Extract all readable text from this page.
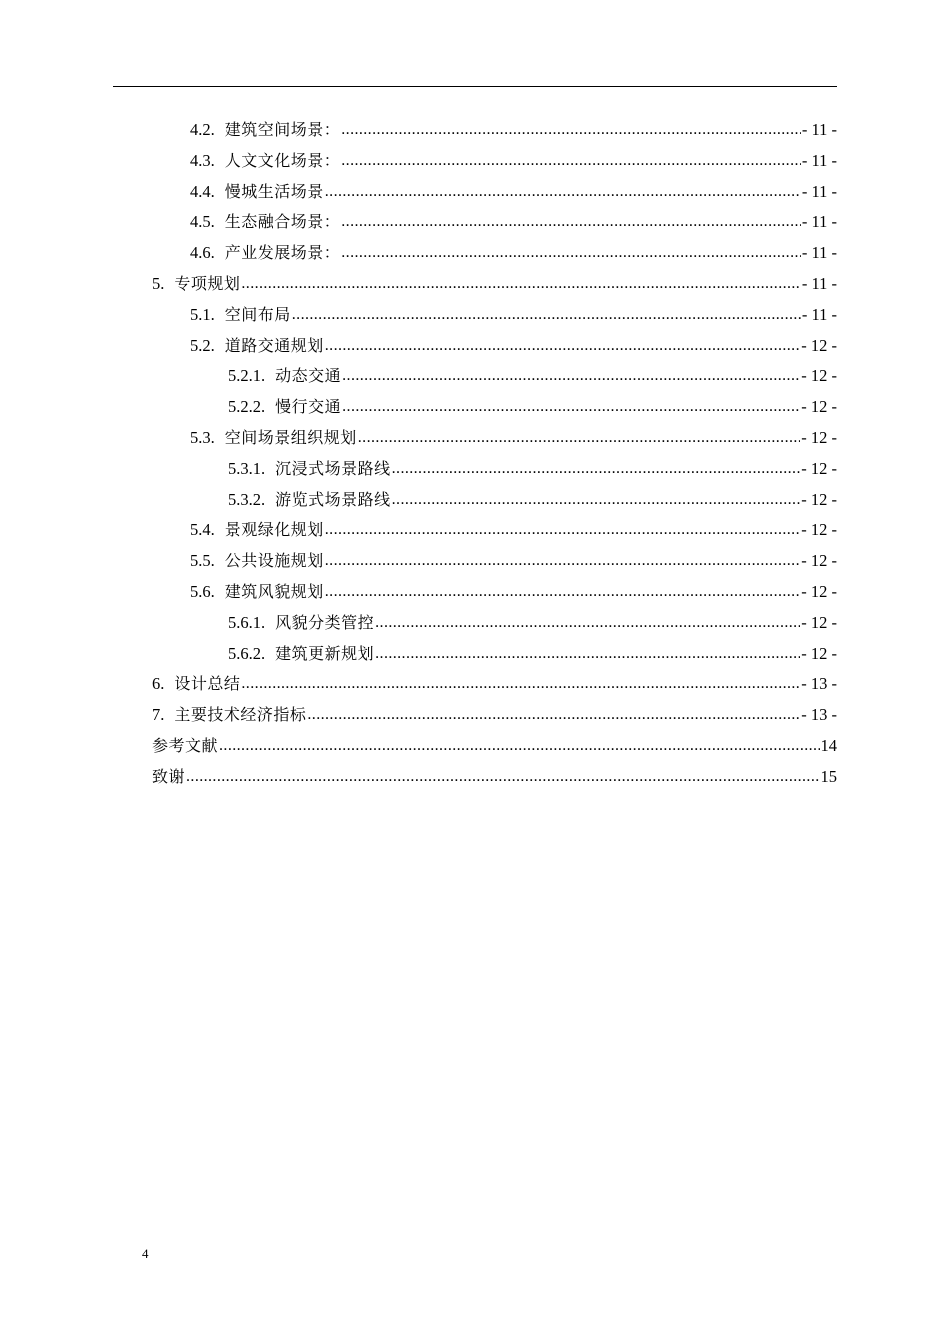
4.2. 建筑空间场景： .....	- 11 -
4.3. 人文文化场景： .....	- 11 -
4.4. 慢城生活场景 .....	- 11 -
4.5. 生态融合场景： .....	- 11 -
4.6. 产业发展场景： .....	- 11 -
5. 专项规划 .....	- 11 -
5.1. 空间布局 .....	- 11 -
5.2. 道路交通规划 .....	- 12 -
5.2.1. 动态交通 .....	- 12 -
5.2.2. 慢行交通 .....	- 12 -
5.3. 空间场景组织规划 .....	- 12 -
5.3.1. 沉浸式场景路线 .....	- 12 -
5.3.2. 游览式场景路线 .....	- 12 -
5.4. 景观绿化规划 .....	- 12 -
5.5. 公共设施规划 .....	- 12 -
5.6. 建筑风貌规划 .....	- 12 -
5.6.1. 风貌分类管控 .....	- 12 -
5.6.2. 建筑更新规划 .....	- 12 -
6. 设计总结 .....	- 13 -
7. 主要技术经济指标 .....	- 13 -
参考文献 .....	14
致谢 .....	15
4
